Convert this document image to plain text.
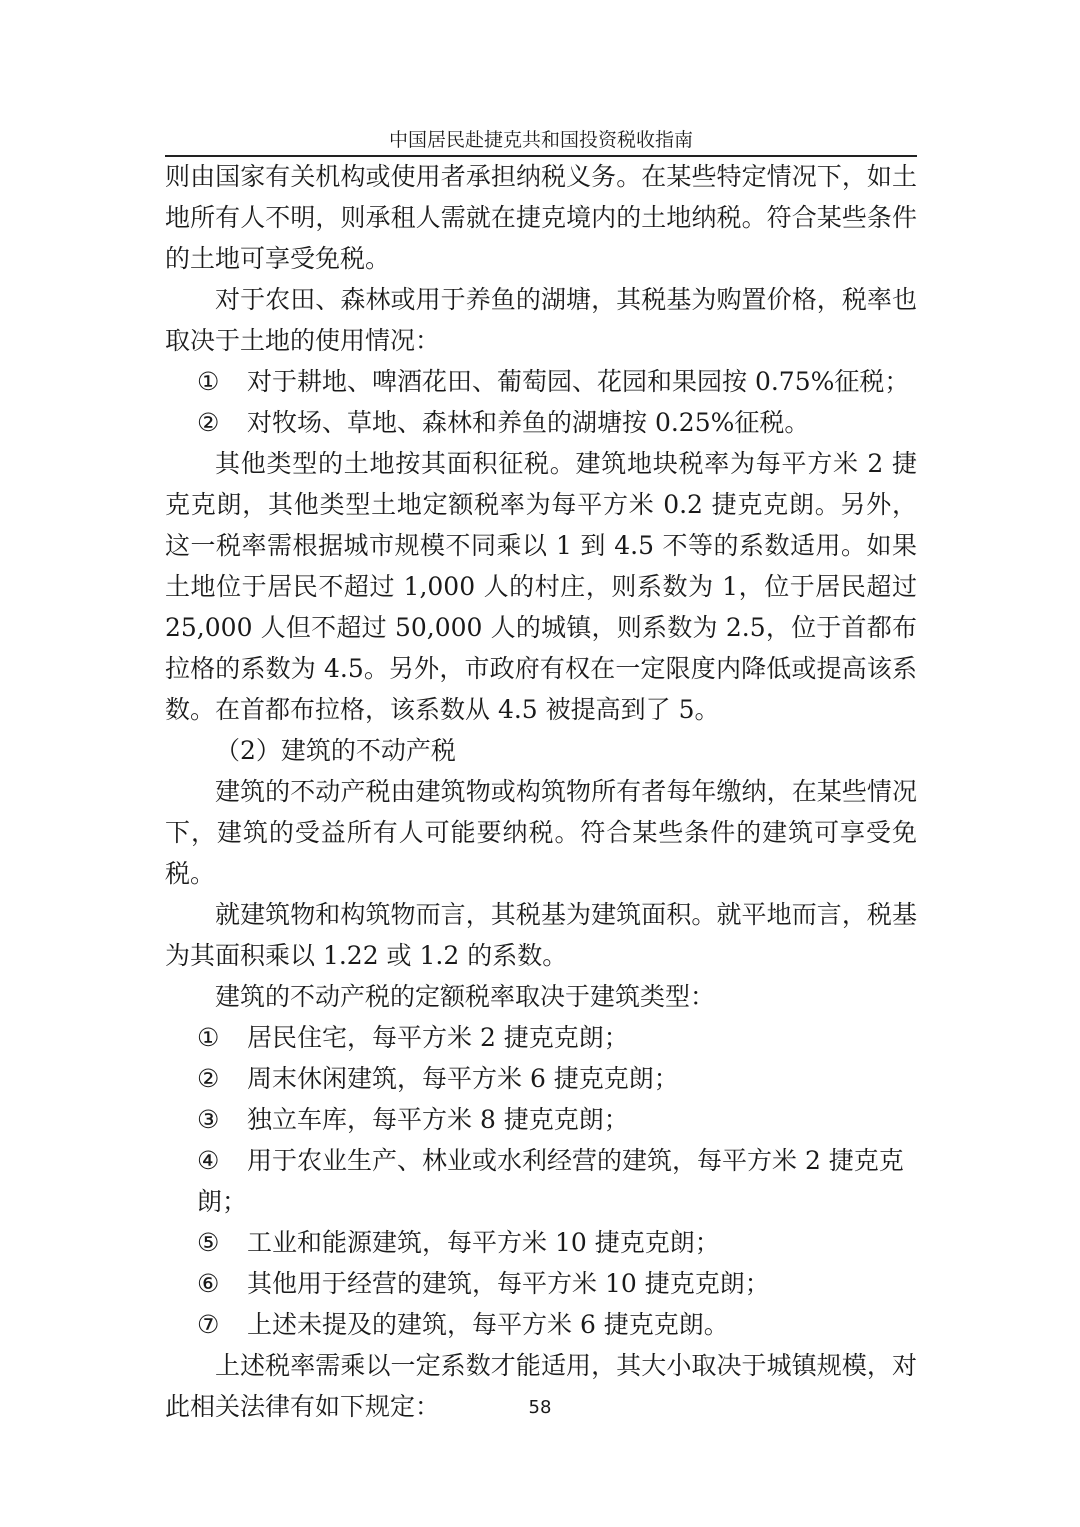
中国居民赴捷克共和国投资税收指南

则由国家有关机构或使用者承担纳税义务。在某些特定情况下，如土地所有人不明，则承租人需就在捷克境内的土地纳税。符合某些条件的土地可享受免税。

对于农田、森林或用于养鱼的湖塘，其税基为购置价格，税率也取决于土地的使用情况：

①	对于耕地、啤酒花田、葡萄园、花园和果园按 0.75%征税；
②	对牧场、草地、森林和养鱼的湖塘按 0.25%征税。

其他类型的土地按其面积征税。建筑地块税率为每平方米 2 捷克克朗，其他类型土地定额税率为每平方米 0.2 捷克克朗。另外，这一税率需根据城市规模不同乘以 1 到 4.5 不等的系数适用。如果土地位于居民不超过 1,000 人的村庄，则系数为 1，位于居民超过 25,000 人但不超过 50,000 人的城镇，则系数为 2.5，位于首都布拉格的系数为 4.5。另外，市政府有权在一定限度内降低或提高该系数。在首都布拉格，该系数从 4.5 被提高到了 5。

（2）建筑的不动产税

建筑的不动产税由建筑物或构筑物所有者每年缴纳，在某些情况下，建筑的受益所有人可能要纳税。符合某些条件的建筑可享受免税。

就建筑物和构筑物而言，其税基为建筑面积。就平地而言，税基为其面积乘以 1.22 或 1.2 的系数。

建筑的不动产税的定额税率取决于建筑类型：

①	居民住宅，每平方米 2 捷克克朗；
②	周末休闲建筑，每平方米 6 捷克克朗；
③	独立车库，每平方米 8 捷克克朗；
④ 用于农业生产、林业或水利经营的建筑，每平方米 2 捷克克朗；
⑤	工业和能源建筑，每平方米 10 捷克克朗；
⑥	其他用于经营的建筑，每平方米 10 捷克克朗；
⑦	上述未提及的建筑，每平方米 6 捷克克朗。

上述税率需乘以一定系数才能适用，其大小取决于城镇规模，对此相关法律有如下规定：	58
